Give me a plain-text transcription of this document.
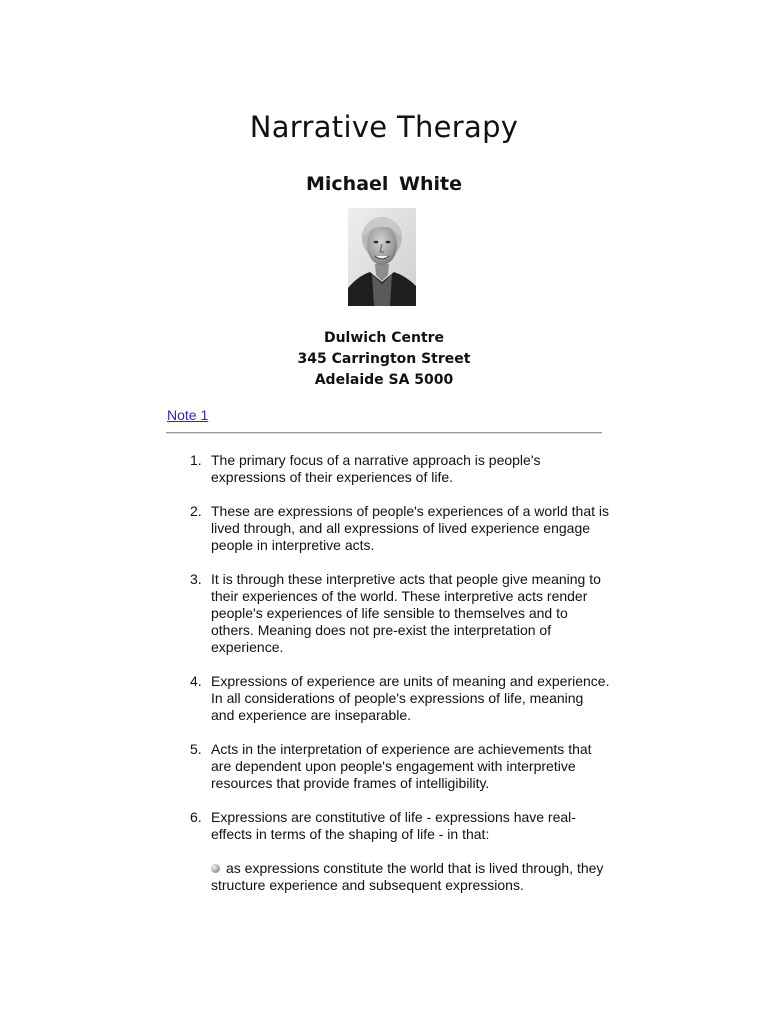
Narrative Therapy
Michael White
Dulwich Centre
345 Carrington Street
Adelaide SA 5000
Note 1
1. The primary focus of a narrative approach is people's expressions of their experiences of life.
2. These are expressions of people's experiences of a world that is lived through, and all expressions of lived experience engage people in interpretive acts.
3. It is through these interpretive acts that people give meaning to their experiences of the world. These interpretive acts render people's experiences of life sensible to themselves and to others. Meaning does not pre-exist the interpretation of experience.
4. Expressions of experience are units of meaning and experience. In all considerations of people's expressions of life, meaning and experience are inseparable.
5. Acts in the interpretation of experience are achievements that are dependent upon people's engagement with interpretive resources that provide frames of intelligibility.
6. Expressions are constitutive of life - expressions have real-effects in terms of the shaping of life - in that:
as expressions constitute the world that is lived through, they structure experience and subsequent expressions.
